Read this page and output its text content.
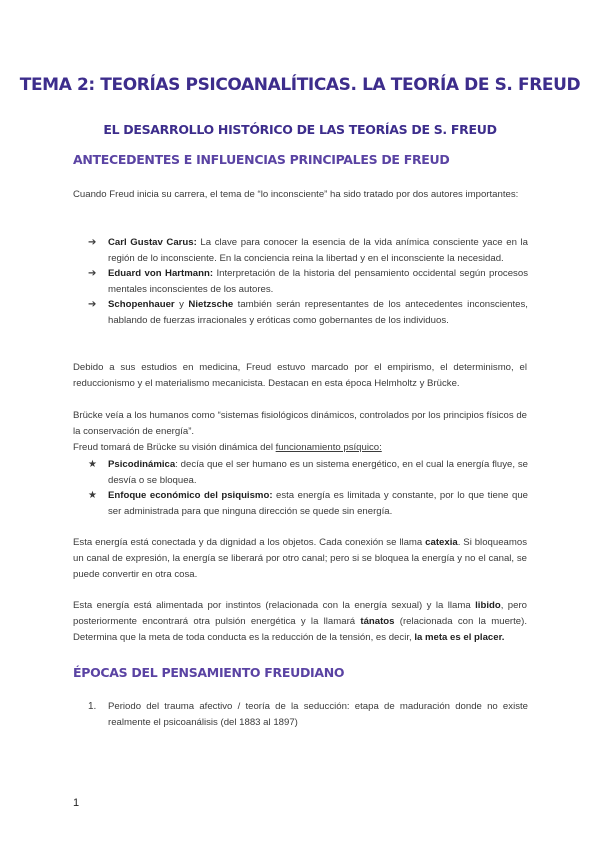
TEMA 2: TEORÍAS PSICOANALÍTICAS. LA TEORÍA DE S. FREUD
EL DESARROLLO HISTÓRICO DE LAS TEORÍAS DE S. FREUD
ANTECEDENTES E INFLUENCIAS PRINCIPALES DE FREUD

Cuando Freud inicia su carrera, el tema de “lo inconsciente” ha sido tratado por dos autores importantes:

➔	Carl Gustav Carus: La clave para conocer la esencia de la vida anímica consciente yace en la región de lo inconsciente. En la conciencia reina la libertad y en el inconsciente la necesidad.
➔	Eduard von Hartmann: Interpretación de la historia del pensamiento occidental según procesos mentales inconscientes de los autores.
➔	Schopenhauer y Nietzsche también serán representantes de los antecedentes inconscientes, hablando de fuerzas irracionales y eróticas como gobernantes de los individuos.

Debido a sus estudios en medicina, Freud estuvo marcado por el empirismo, el determinismo, el reduccionismo y el materialismo mecanicista. Destacan en esta época Helmholtz y Brücke.

Brücke veía a los humanos como “sistemas fisiológicos dinámicos, controlados por los principios físicos de la conservación de energía”.

Freud tomará de Brücke su visión dinámica del funcionamiento psíquico:

★	Psicodinámica: decía que el ser humano es un sistema energético, en el cual la energía fluye, se desvía o se bloquea.
★	Enfoque económico del psiquismo: esta energía es limitada y constante, por lo que tiene que ser administrada para que ninguna dirección se quede sin energía.

Esta energía está conectada y da dignidad a los objetos. Cada conexión se llama catexia. Si bloqueamos un canal de expresión, la energía se liberará por otro canal; pero si se bloquea la energía y no el canal, se puede convertir en otra cosa.

Esta energía está alimentada por instintos (relacionada con la energía sexual) y la llama libido, pero posteriormente encontrará otra pulsión energética y la llamará tánatos (relacionada con la muerte). Determina que la meta de toda conducta es la reducción de la tensión, es decir, la meta es el placer.

ÉPOCAS DEL PENSAMIENTO FREUDIANO
1.	Periodo del trauma afectivo / teoría de la seducción: etapa de maduración donde no existe realmente el psicoanálisis (del 1883 al 1897)
1
